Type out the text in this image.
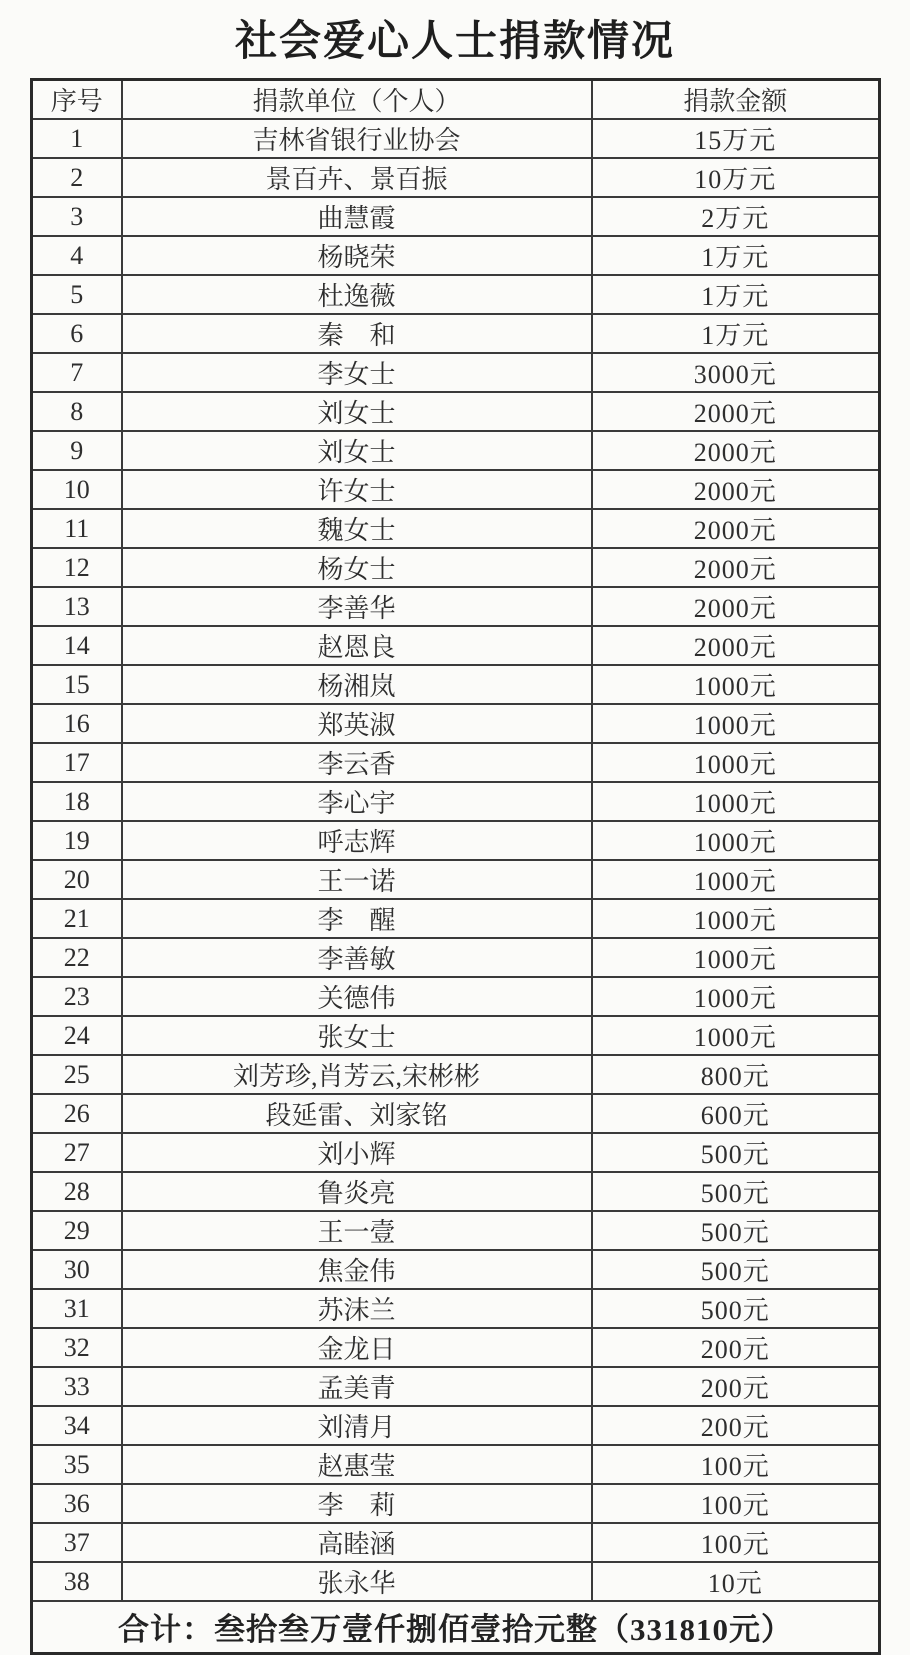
社会爱心人士捐款情况
序号	捐款单位（个人）	捐款金额
1	吉林省银行业协会	15万元
2	景百卉、景百振	10万元
3	曲慧霞	2万元
4	杨晓荣	1万元
5	杜逸薇	1万元
6	秦　和	1万元
7	李女士	3000元
8	刘女士	2000元
9	刘女士	2000元
10	许女士	2000元
11	魏女士	2000元
12	杨女士	2000元
13	李善华	2000元
14	赵恩良	2000元
15	杨湘岚	1000元
16	郑英淑	1000元
17	李云香	1000元
18	李心宇	1000元
19	呼志辉	1000元
20	王一诺	1000元
21	李　醒	1000元
22	李善敏	1000元
23	关德伟	1000元
24	张女士	1000元
25	刘芳珍,肖芳云,宋彬彬	800元
26	段延雷、刘家铭	600元
27	刘小辉	500元
28	鲁炎亮	500元
29	王一壹	500元
30	焦金伟	500元
31	苏沫兰	500元
32	金龙日	200元
33	孟美青	200元
34	刘清月	200元
35	赵惠莹	100元
36	李　莉	100元
37	高睦涵	100元
38	张永华	10元
合计：叁拾叁万壹仟捌佰壹拾元整（331810元）		
